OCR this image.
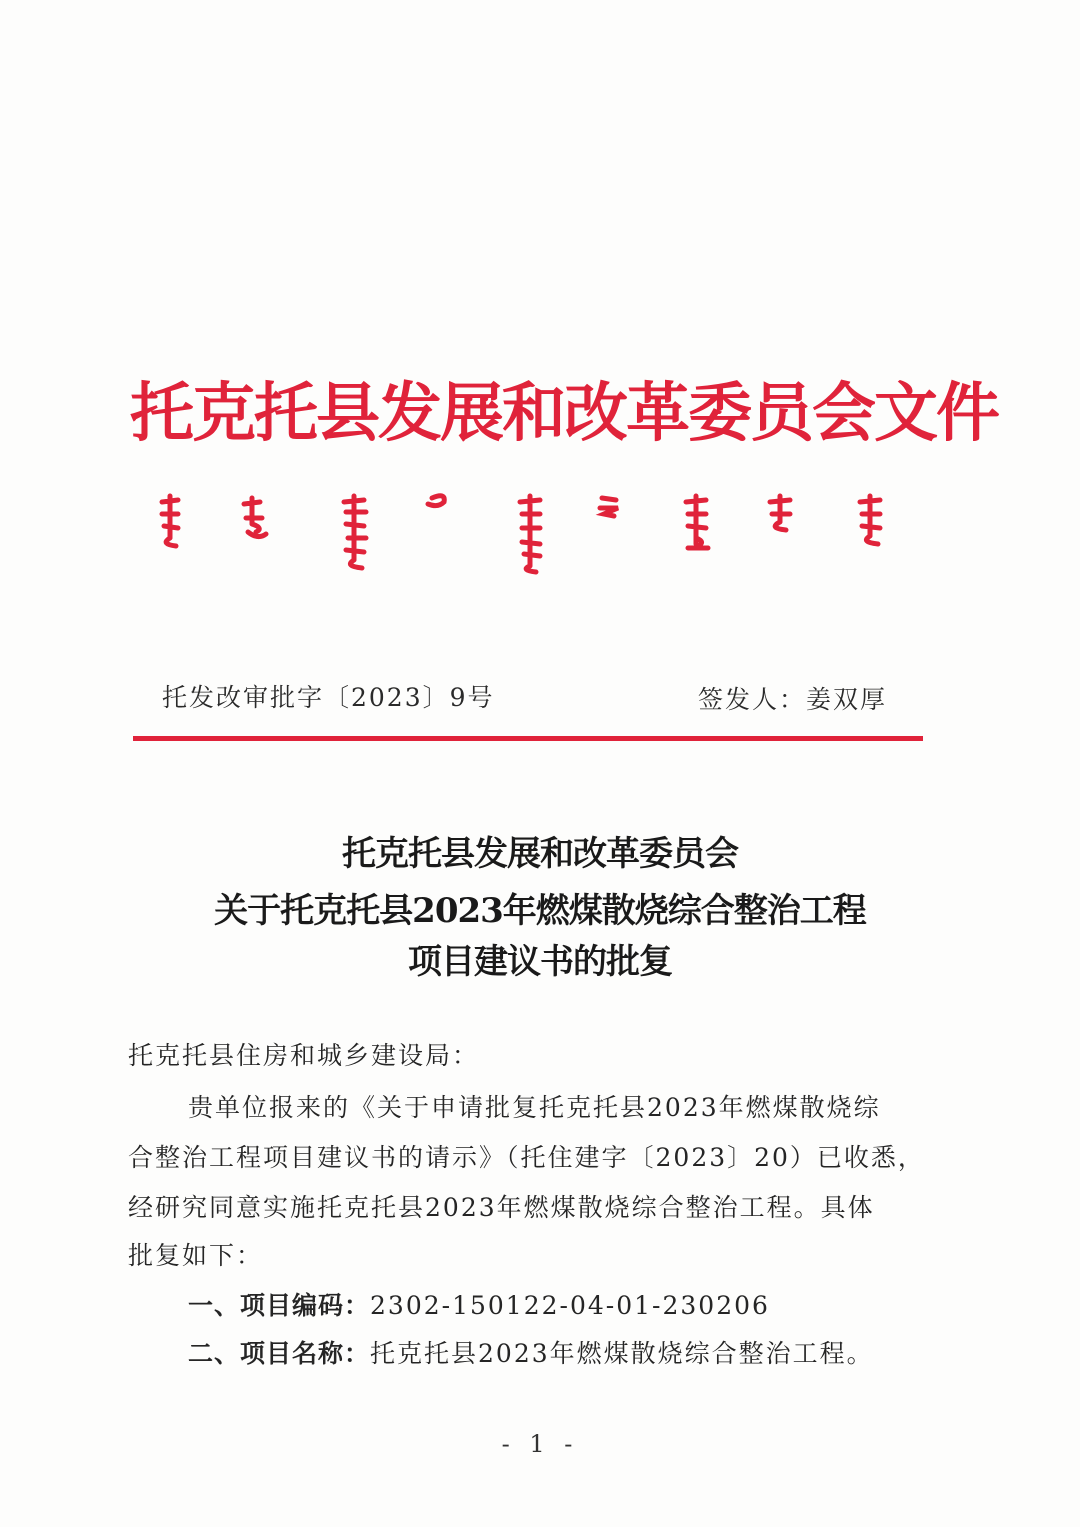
托克托县发展和改革委员会文件
托发改审批字〔2023〕9号	签发人：姜双厚
托克托县发展和改革委员会
关于托克托县2023年燃煤散烧综合整治工程
项目建议书的批复
托克托县住房和城乡建设局：
贵单位报来的《关于申请批复托克托县2023年燃煤散烧综
合整治工程项目建议书的请示》（托住建字〔2023〕20）已收悉，
经研究同意实施托克托县2023年燃煤散烧综合整治工程。具体
批复如下：
一、项目编码：2302-150122-04-01-230206
二、项目名称：托克托县2023年燃煤散烧综合整治工程。
- 1 -
